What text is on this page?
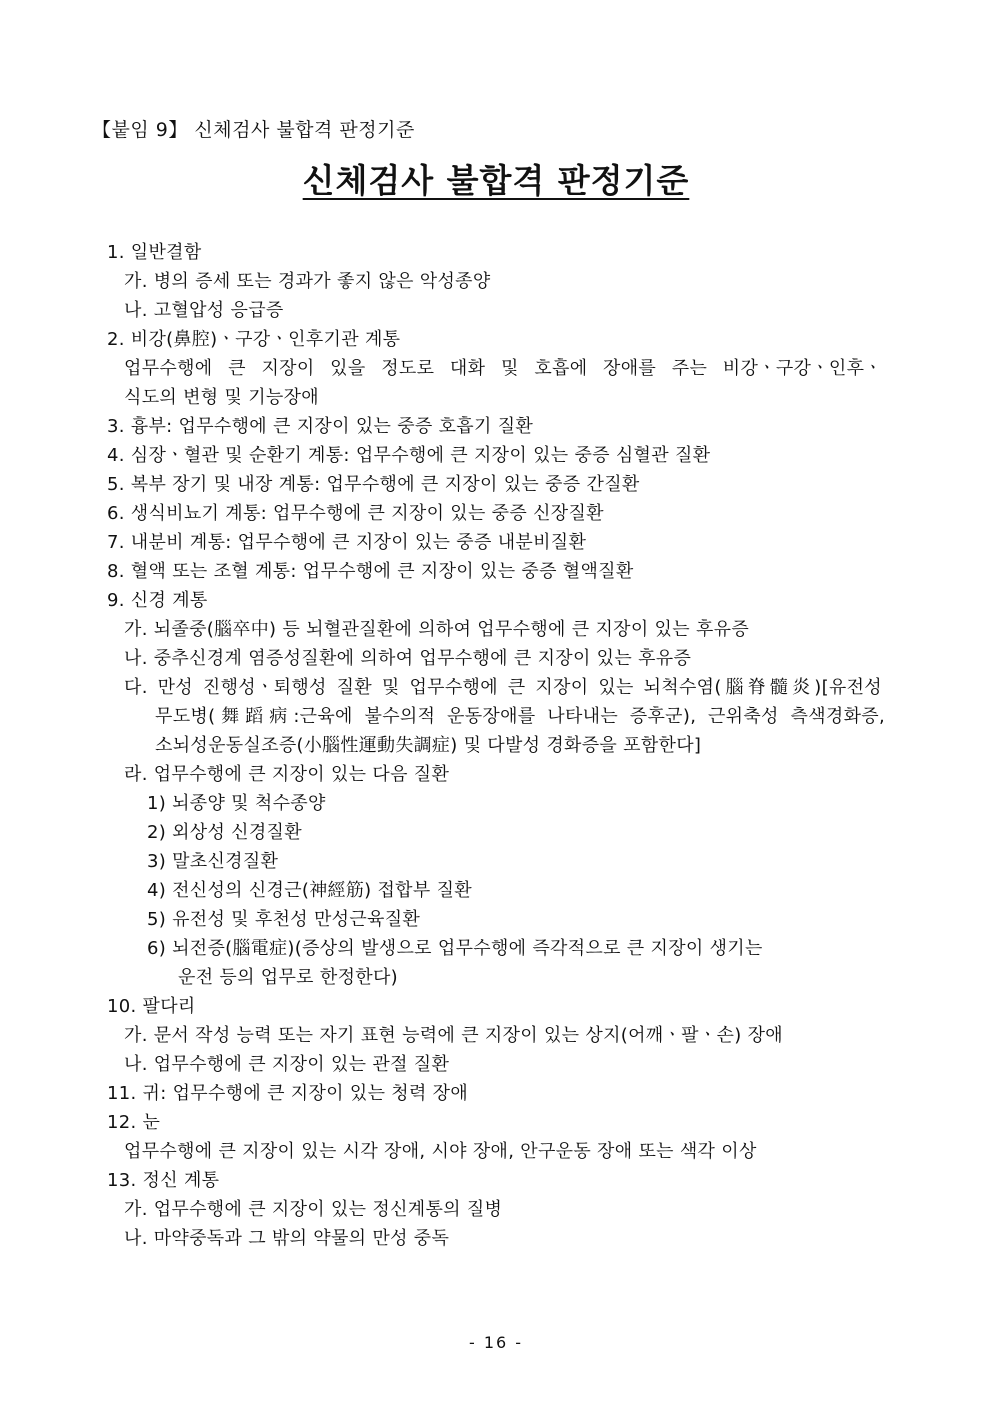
【붙임 9】 신체검사 불합격 판정기준
신체검사 불합격 판정기준
1. 일반결함
가. 병의 증세 또는 경과가 좋지 않은 악성종양
나. 고혈압성 응급증
2. 비강(鼻腔)ㆍ구강ㆍ인후기관 계통
업무수행에 큰 지장이 있을 정도로 대화 및 호흡에 장애를 주는 비강ㆍ구강ㆍ인후ㆍ
식도의 변형 및 기능장애
3. 흉부: 업무수행에 큰 지장이 있는 중증 호흡기 질환
4. 심장ㆍ혈관 및 순환기 계통: 업무수행에 큰 지장이 있는 중증 심혈관 질환
5. 복부 장기 및 내장 계통: 업무수행에 큰 지장이 있는 중증 간질환
6. 생식비뇨기 계통: 업무수행에 큰 지장이 있는 중증 신장질환
7. 내분비 계통: 업무수행에 큰 지장이 있는 중증 내분비질환
8. 혈액 또는 조혈 계통: 업무수행에 큰 지장이 있는 중증 혈액질환
9. 신경 계통
가. 뇌졸중(腦卒中) 등 뇌혈관질환에 의하여 업무수행에 큰 지장이 있는 후유증
나. 중추신경계 염증성질환에 의하여 업무수행에 큰 지장이 있는 후유증
다. 만성 진행성ㆍ퇴행성 질환 및 업무수행에 큰 지장이 있는 뇌척수염(腦脊髓炎)[유전성
무도병(舞蹈病:근육에 불수의적 운동장애를 나타내는 증후군), 근위축성 측색경화증,
소뇌성운동실조증(小腦性運動失調症) 및 다발성 경화증을 포함한다]
라. 업무수행에 큰 지장이 있는 다음 질환
1) 뇌종양 및 척수종양
2) 외상성 신경질환
3) 말초신경질환
4) 전신성의 신경근(神經筋) 접합부 질환
5) 유전성 및 후천성 만성근육질환
6) 뇌전증(腦電症)(증상의 발생으로 업무수행에 즉각적으로 큰 지장이 생기는
운전 등의 업무로 한정한다)
10. 팔다리
가. 문서 작성 능력 또는 자기 표현 능력에 큰 지장이 있는 상지(어깨ㆍ팔ㆍ손) 장애
나. 업무수행에 큰 지장이 있는 관절 질환
11. 귀: 업무수행에 큰 지장이 있는 청력 장애
12. 눈
업무수행에 큰 지장이 있는 시각 장애, 시야 장애, 안구운동 장애 또는 색각 이상
13. 정신 계통
가. 업무수행에 큰 지장이 있는 정신계통의 질병
나. 마약중독과 그 밖의 약물의 만성 중독
- 16 -
